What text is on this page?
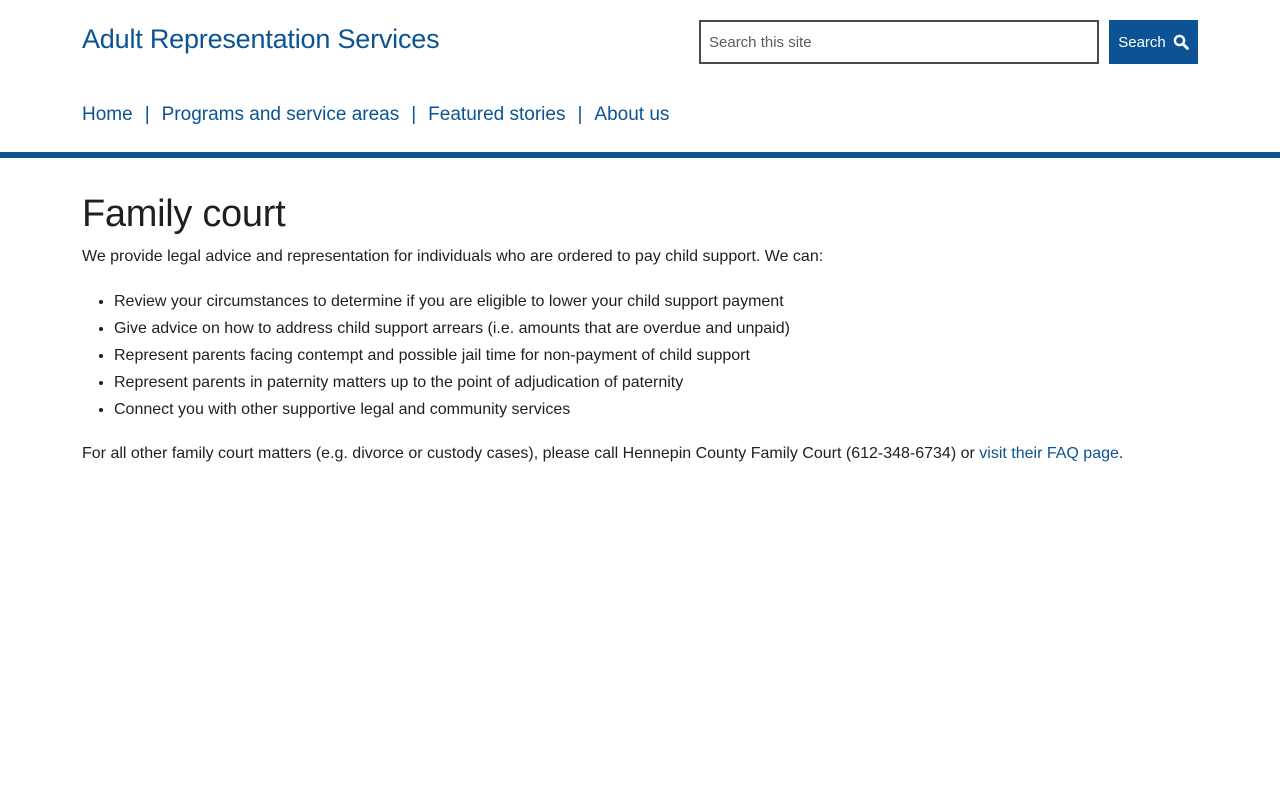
Adult Representation Services
Search this site	Search
Home | Programs and service areas | Featured stories | About us
Family court

We provide legal advice and representation for individuals who are ordered to pay child support. We can:

• Review your circumstances to determine if you are eligible to lower your child support payment
• Give advice on how to address child support arrears (i.e. amounts that are overdue and unpaid)
• Represent parents facing contempt and possible jail time for non-payment of child support
• Represent parents in paternity matters up to the point of adjudication of paternity
• Connect you with other supportive legal and community services

For all other family court matters (e.g. divorce or custody cases), please call Hennepin County Family Court (612-348-6734) or visit their FAQ page.
